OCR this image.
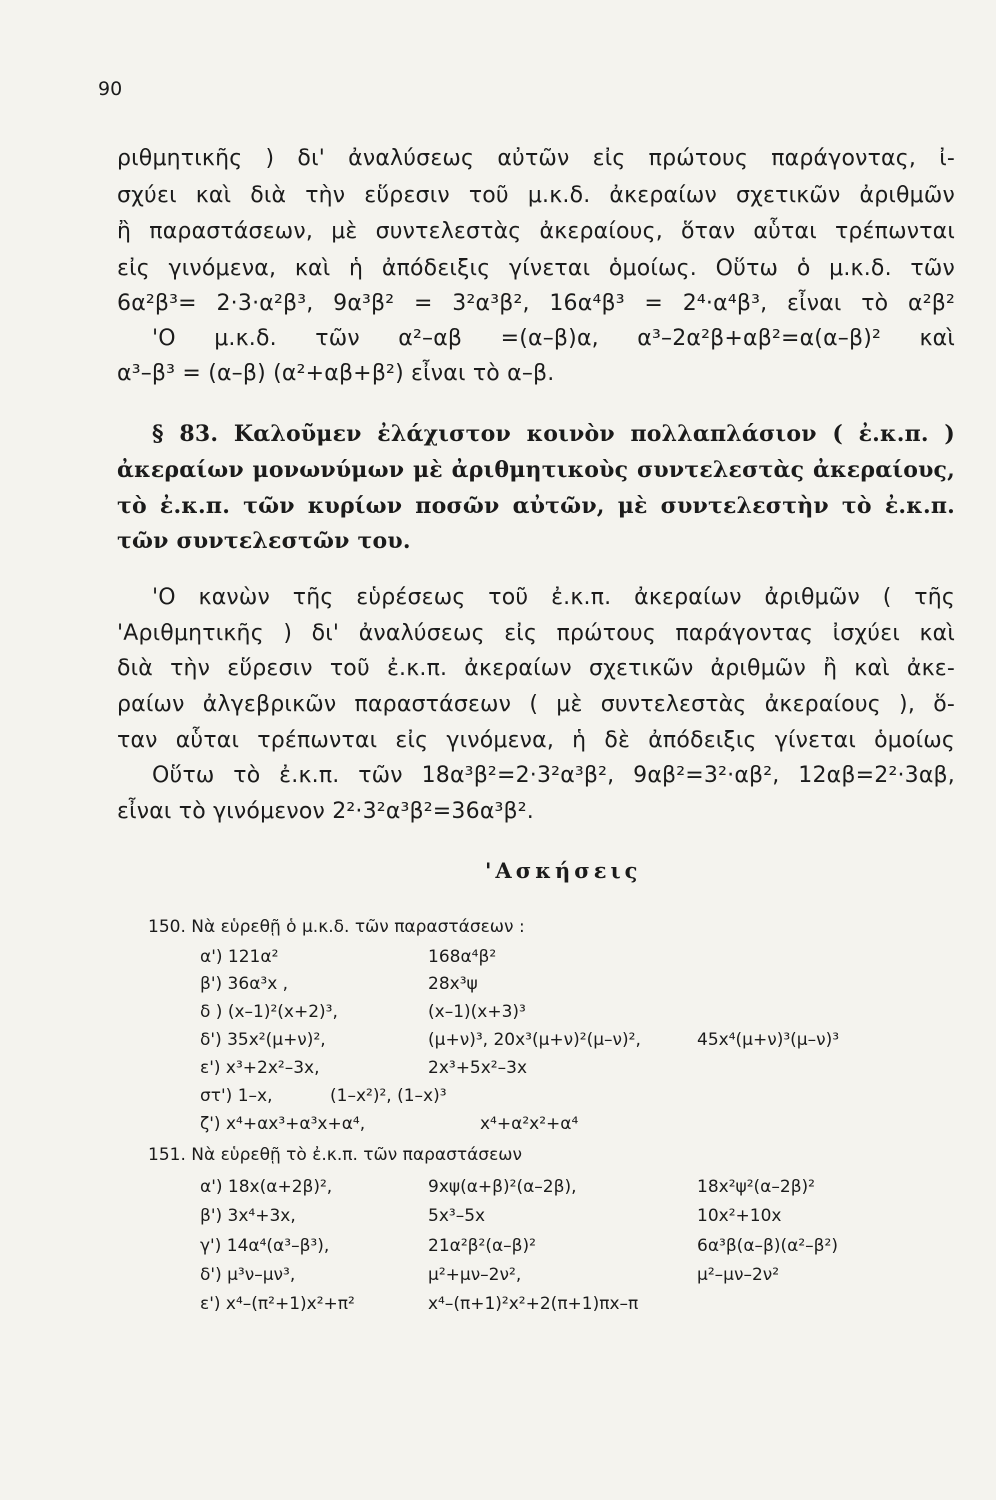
90
ριθμητικῆς ) δι' ἀναλύσεως αὐτῶν εἰς πρώτους παράγοντας, ἰ-
σχύει καὶ διὰ τὴν εὕρεσιν τοῦ μ.κ.δ. ἀκεραίων σχετικῶν ἀριθμῶν
ἢ παραστάσεων, μὲ συντελεστὰς ἀκεραίους, ὅταν αὗται τρέπωνται
εἰς γινόμενα, καὶ ἡ ἀπόδειξις γίνεται ὁμοίως. Οὕτω ὁ μ.κ.δ. τῶν
6α²β³= 2·3·α²β³, 9α³β² = 3²α³β², 16α⁴β³ = 2⁴·α⁴β³, εἶναι τὸ α²β²
'Ο μ.κ.δ. τῶν α²–αβ =(α–β)α, α³–2α²β+αβ²=α(α–β)² καὶ
α³–β³ = (α–β) (α²+αβ+β²) εἶναι τὸ α–β.
§ 83. Καλοῦμεν ἐλάχιστον κοινὸν πολλαπλάσιον ( ἐ.κ.π. )
ἀκεραίων μονωνύμων μὲ ἀριθμητικοὺς συντελεστὰς ἀκεραίους,
τὸ ἐ.κ.π. τῶν κυρίων ποσῶν αὐτῶν, μὲ συντελεστὴν τὸ ἐ.κ.π.
τῶν συντελεστῶν του.
'Ο κανὼν τῆς εὑρέσεως τοῦ ἐ.κ.π. ἀκεραίων ἀριθμῶν ( τῆς
'Αριθμητικῆς ) δι' ἀναλύσεως εἰς πρώτους παράγοντας ἰσχύει καὶ
διὰ τὴν εὕρεσιν τοῦ ἐ.κ.π. ἀκεραίων σχετικῶν ἀριθμῶν ἢ καὶ ἀκε-
ραίων ἀλγεβρικῶν παραστάσεων ( μὲ συντελεστὰς ἀκεραίους ), ὅ-
ταν αὗται τρέπωνται εἰς γινόμενα, ἡ δὲ ἀπόδειξις γίνεται ὁμοίως
Οὕτω τὸ ἐ.κ.π. τῶν 18α³β²=2·3²α³β², 9αβ²=3²·αβ², 12αβ=2²·3αβ,
εἶναι τὸ γινόμενον 2²·3²α³β²=36α³β².
'Ασκήσεις
150. Νὰ εὑρεθῇ ὁ μ.κ.δ. τῶν παραστάσεων :
α') 121α²	168α⁴β²
β') 36α³x ,	28x³ψ
δ ) (x–1)²(x+2)³,	(x–1)(x+3)³
δ') 35x²(μ+ν)²,	(μ+ν)³, 20x³(μ+ν)²(μ–ν)²,	45x⁴(μ+ν)³(μ–ν)³
ε') x³+2x²–3x,	2x³+5x²–3x
στ') 1–x,	(1–x²)², (1–x)³
ζ') x⁴+αx³+α³x+α⁴,	x⁴+α²x²+α⁴
151. Νὰ εὑρεθῇ τὸ ἐ.κ.π. τῶν παραστάσεων
α') 18x(α+2β)²,	9xψ(α+β)²(α–2β),	18x²ψ²(α–2β)²
β') 3x⁴+3x,	5x³–5x	10x²+10x
γ') 14α⁴(α³–β³),	21α²β²(α–β)²	6α³β(α–β)(α²–β²)
δ') μ³ν–μν³,	μ²+μν–2ν²,	μ²–μν–2ν²
ε') x⁴–(π²+1)x²+π²	x⁴–(π+1)²x²+2(π+1)πx–π
